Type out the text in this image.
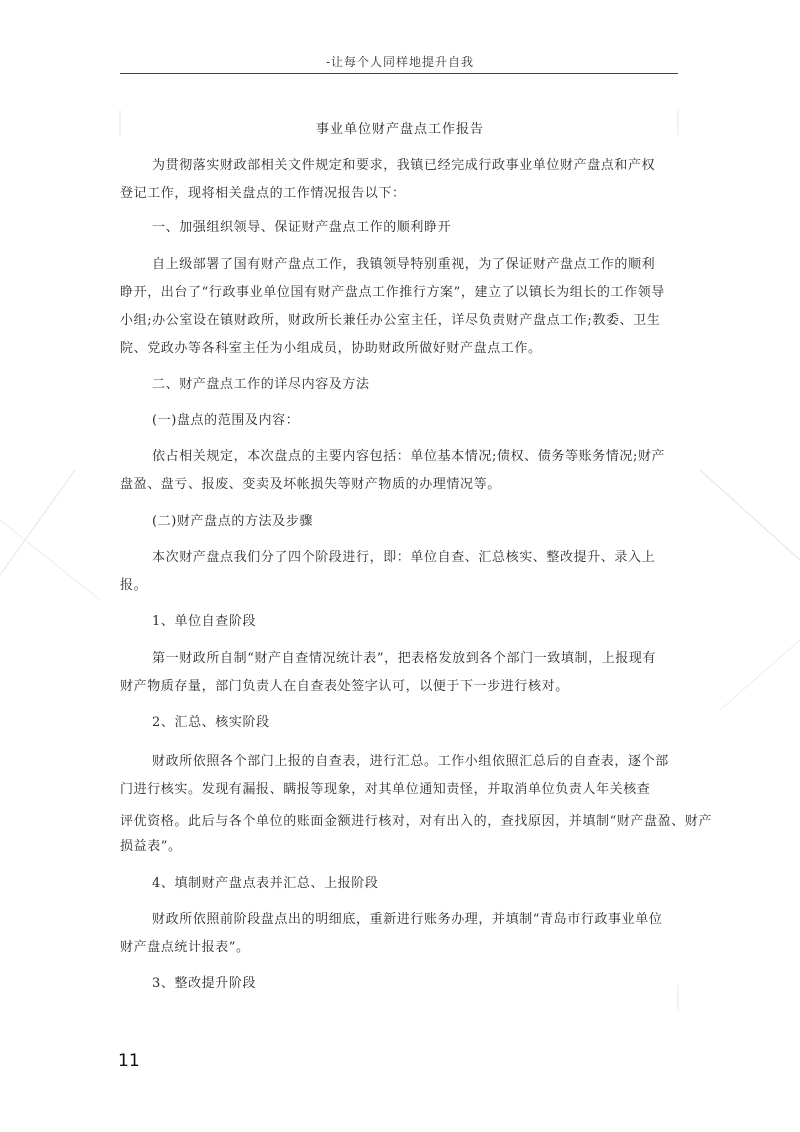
-让每个人同样地提升自我
事业单位财产盘点工作报告
为贯彻落实财政部相关文件规定和要求，我镇已经完成行政事业单位财产盘点和产权
登记工作，现将相关盘点的工作情况报告以下：
一、加强组织领导、保证财产盘点工作的顺利睁开
自上级部署了国有财产盘点工作，我镇领导特别重视，为了保证财产盘点工作的顺利
睁开，出台了“行政事业单位国有财产盘点工作推行方案”，建立了以镇长为组长的工作领导
小组;办公室设在镇财政所，财政所长兼任办公室主任，详尽负责财产盘点工作;教委、卫生
院、党政办等各科室主任为小组成员，协助财政所做好财产盘点工作。
二、财产盘点工作的详尽内容及方法
(一)盘点的范围及内容：
依占相关规定，本次盘点的主要内容包括：单位基本情况;债权、债务等账务情况;财产
盘盈、盘亏、报废、变卖及坏帐损失等财产物质的办理情况等。
(二)财产盘点的方法及步骤
本次财产盘点我们分了四个阶段进行，即：单位自查、汇总核实、整改提升、录入上
报。
1、单位自查阶段
第一财政所自制“财产自查情况统计表”，把表格发放到各个部门一致填制，上报现有
财产物质存量，部门负责人在自查表处签字认可，以便于下一步进行核对。
2、汇总、核实阶段
财政所依照各个部门上报的自查表，进行汇总。工作小组依照汇总后的自查表，逐个部
门进行核实。发现有漏报、瞒报等现象，对其单位通知责怪，并取消单位负责人年关核查
评优资格。此后与各个单位的账面金额进行核对，对有出入的，查找原因，并填制“财产盘盈、财产
损益表”。
4、填制财产盘点表并汇总、上报阶段
财政所依照前阶段盘点出的明细底，重新进行账务办理，并填制“青岛市行政事业单位
财产盘点统计报表”。
3、整改提升阶段
11
